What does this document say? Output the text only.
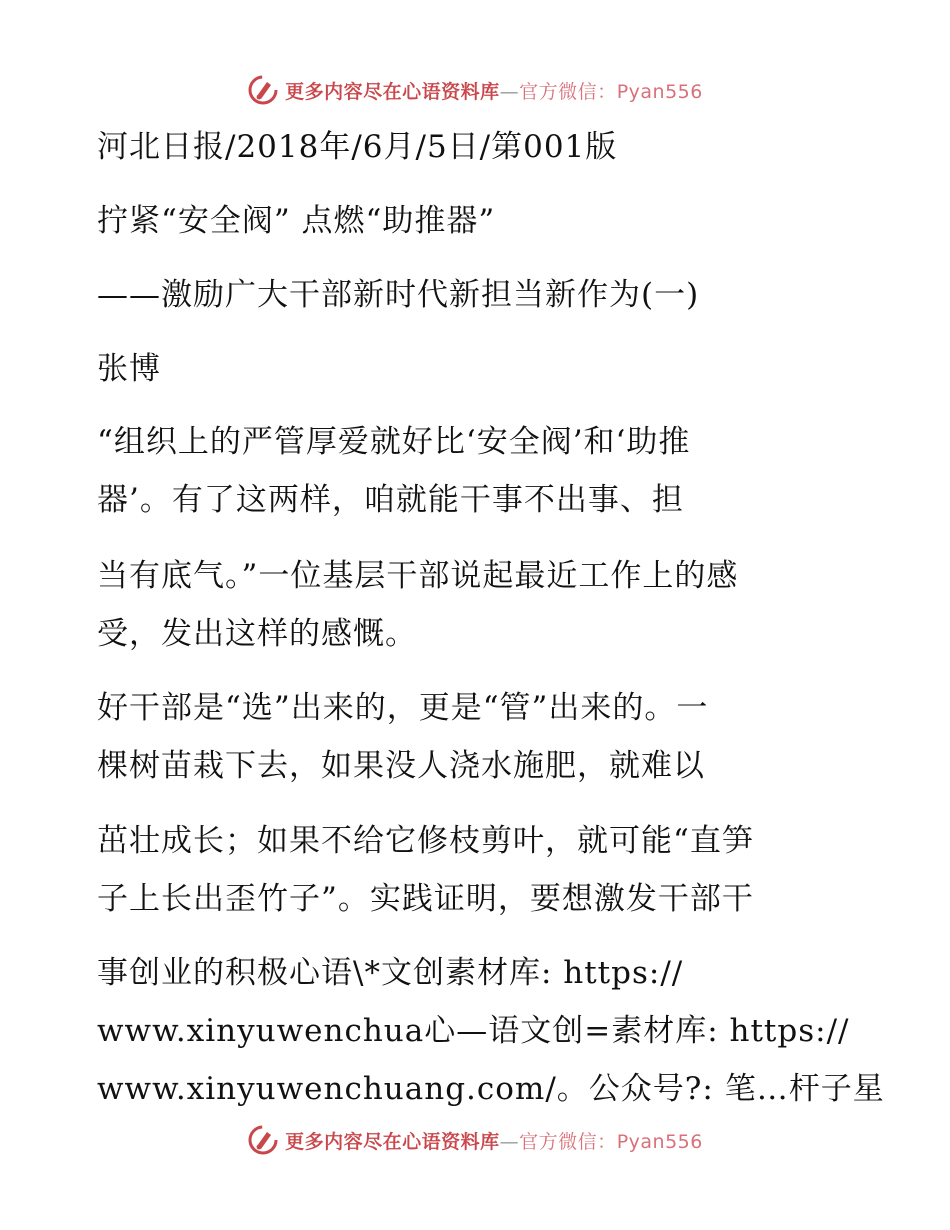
更多内容尽在心语资料库—官方微信：Pyan556
河北日报/2018年/6月/5日/第001版
拧紧“安全阀” 点燃“助推器”
——激励广大干部新时代新担当新作为(一)
张博
“组织上的严管厚爱就好比‘安全阀’和‘助推
器’。有了这两样，咱就能干事不出事、担
当有底气。”一位基层干部说起最近工作上的感
受，发出这样的感慨。
好干部是“选”出来的，更是“管”出来的。一
棵树苗栽下去，如果没人浇水施肥，就难以
茁壮成长；如果不给它修枝剪叶，就可能“直笋
子上长出歪竹子”。实践证明，要想激发干部干
事创业的积极心语\*文创素材库: https://
www.xinyuwenchua心—语文创=素材库: https://
www.xinyuwenchuang.com/。公众号?: 笔…杆子星
更多内容尽在心语资料库—官方微信：Pyan556
